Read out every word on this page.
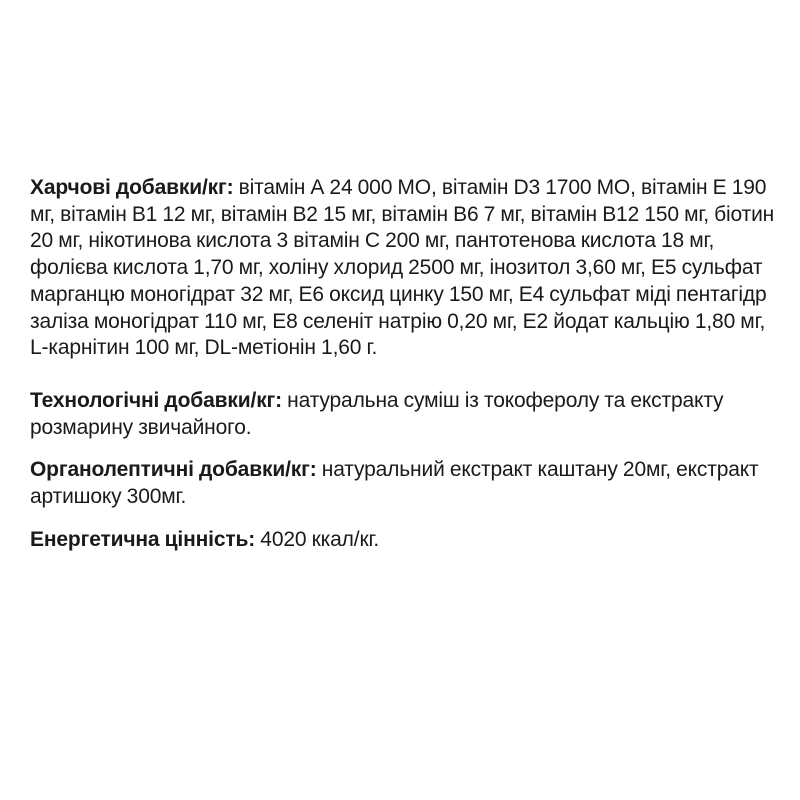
Харчові добавки/кг: вітамін А 24 000 МО, вітамін D3 1700 МО, вітамін Е 190 мг, вітамін B1 12 мг, вітамін B2 15 мг, вітамін B6 7 мг, вітамін B12 150 мг, біотин 20 мг, нікотинова кислота 3 вітамін С 200 мг, пантотенова кислота 18 мг, фолієва кислота 1,70 мг, холіну хлорид 2500 мг, інозитол 3,60 мг, Е5 сульфат марганцю моногідрат 32 мг, Е6 оксид цинку 150 мг, Е4 сульфат міді пентагідр заліза моногідрат 110 мг, Е8 селеніт натрію 0,20 мг, Е2 йодат кальцію 1,80 мг, L-карнітин 100 мг, DL-метіонін 1,60 г.

Технологічні добавки/кг: натуральна суміш із токоферолу та екстракту розмарину звичайного.

Органолептичні добавки/кг: натуральний екстракт каштану 20мг, екстракт артишоку 300мг.

Енергетична цінність: 4020 ккал/кг.
